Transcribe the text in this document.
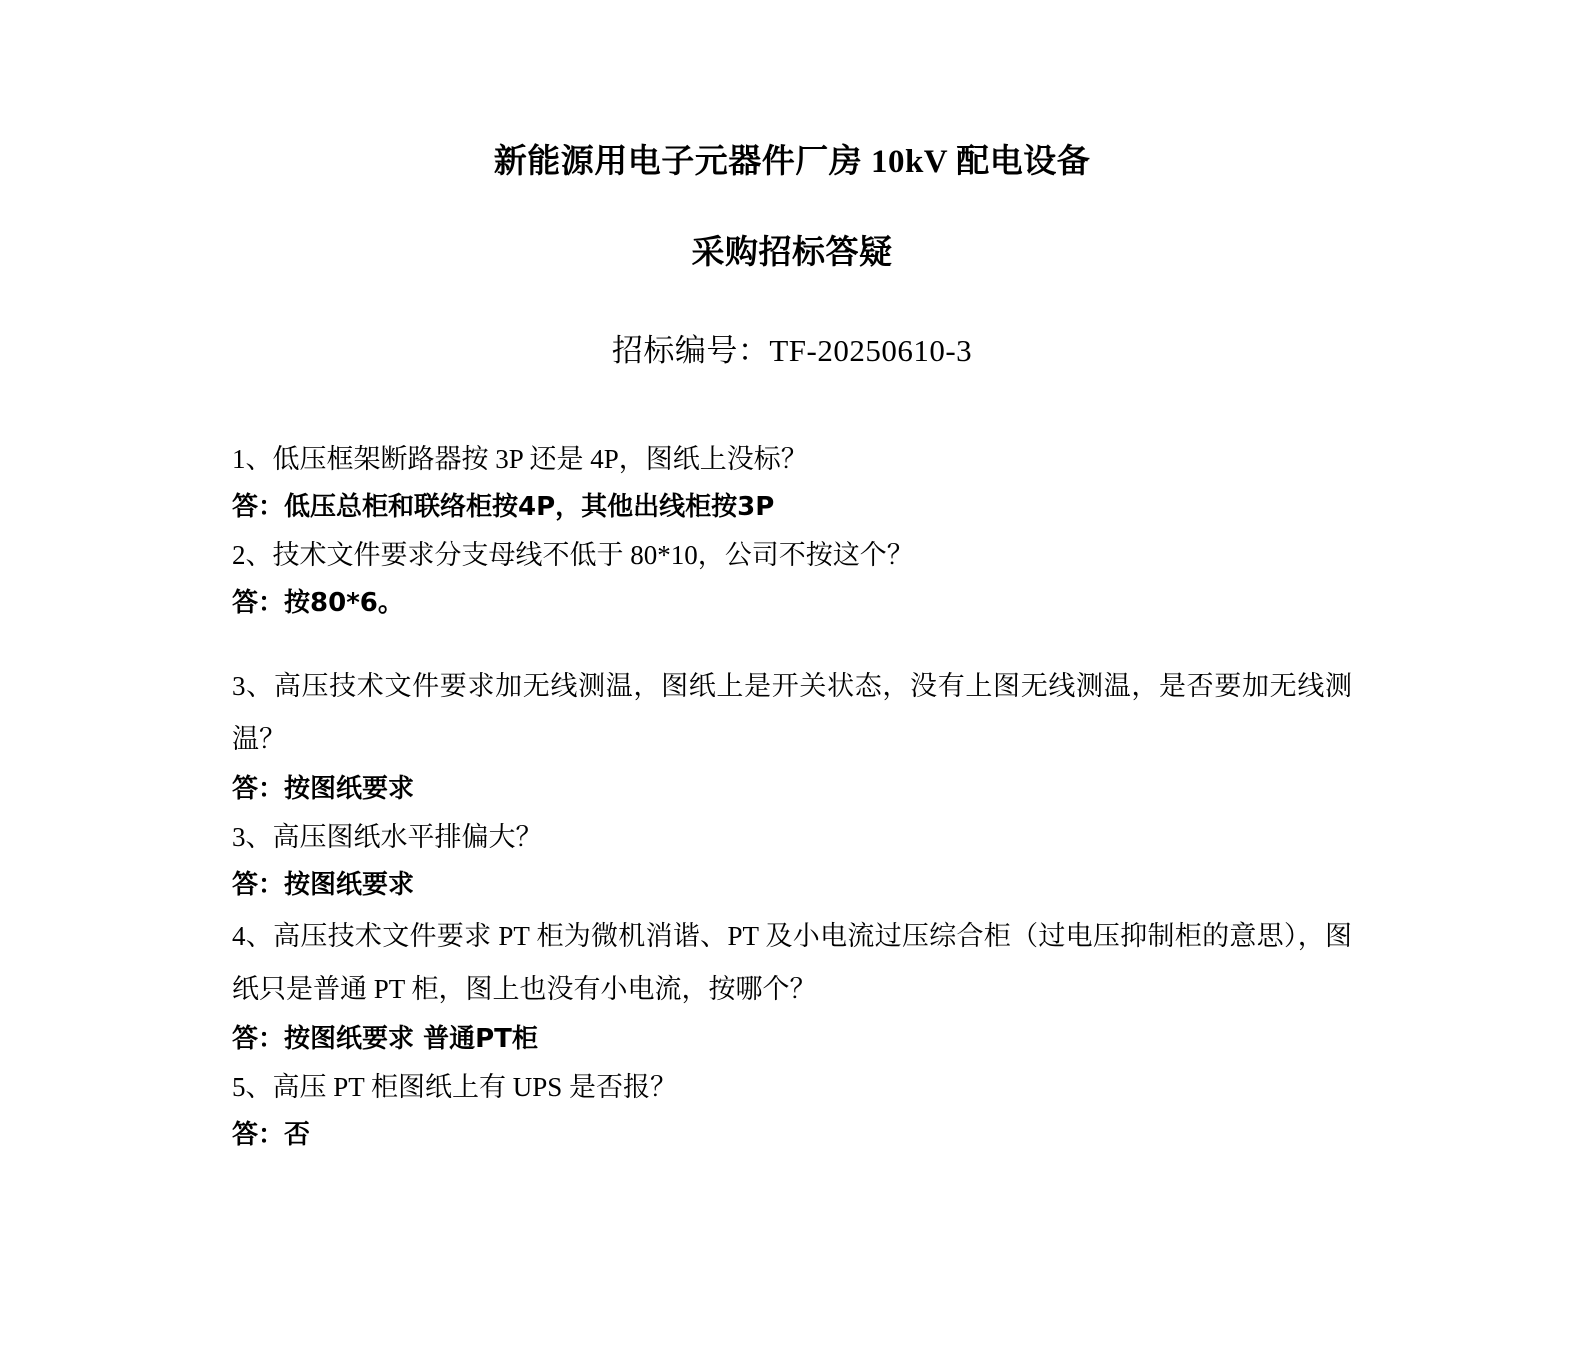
新能源用电子元器件厂房 10kV 配电设备
采购招标答疑
招标编号：TF-20250610-3

1、低压框架断路器按 3P 还是 4P，图纸上没标？

答：低压总柜和联络柜按4P，其他出线柜按3P

2、技术文件要求分支母线不低于 80*10，公司不按这个？

答：按80*6。

3、高压技术文件要求加无线测温，图纸上是开关状态，没有上图无线测温，是否要加无线测温？

答：按图纸要求

3、高压图纸水平排偏大？

答：按图纸要求

4、高压技术文件要求 PT 柜为微机消谐、PT 及小电流过压综合柜（过电压抑制柜的意思），图纸只是普通 PT 柜，图上也没有小电流，按哪个？

答：按图纸要求 普通PT柜

5、高压 PT 柜图纸上有 UPS 是否报？

答：否
